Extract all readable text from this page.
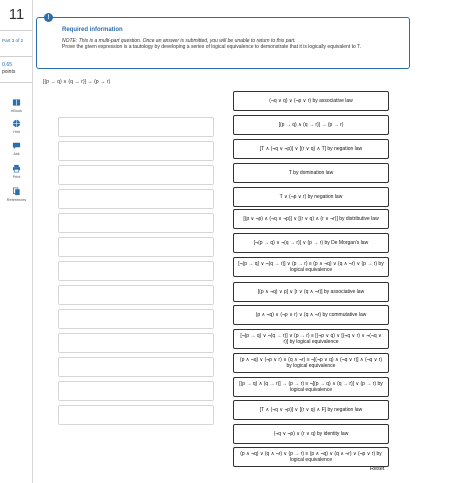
11
Part 3 of 2
0.65
points
eBook
Hint
Ask
Print
References
!
Required information
NOTE: This is a multi-part question. Once an answer is submitted, you will be unable to return to this part.
Prove the given expression is a tautology by developing a series of logical equivalence to demonstrate that it is logically equivalent to T.
[(p → q) ∧ (q → r)] → (p → r)
(¬q ∨ q) ∨ (¬p ∨ r) by associative law
[(p → q) ∧ (q → r)] → (p → r)
[T ∧ (¬q ∨ ¬p)] ∨ [(r ∨ q) ∧ T] by negation law
T by domination law
T ∨ (¬p ∨ r) by negation law
[(p ∨ ¬p) ∧ (¬q ∨ ¬p)] ∨ [(r ∨ q) ∧ (r ∨ ¬r)] by distributive law
[¬(p → q) ∨ ¬(q → r)] ∨ (p → r) by De Morgan's law
[¬(p → q) ∨ ¬(q → r)] ∨ (p → r) ≡ (p ∧ ¬q) ∨ (q ∧ ¬r) ∨ (p → r) by logical equivalence
[(p ∧ ¬q) ∨ p] ∨ [r ∨ (q ∧ ¬r)] by associative law
(p ∧ ¬q) ∨ (¬p ∨ r) ∨ (q ∧ ¬r) by commutative law
[¬(p → q) ∨ ¬(q → r)] ∨ (p → r) ≡ [(¬p ∨ q) ∨ [(¬q ∨ r) ∨ ¬(¬q ∨ r)] by logical equivalence
(p ∧ ¬q) ∨ (¬p ∨ r) ∨ (q ∧ ¬r) ≡ ¬[(¬p ∨ q) ∧ (¬q ∨ r)] ∧ (¬q ∨ r) by logical equivalence
[(p → q) ∧ (q → r)] → (p → r) ≡ ¬[(p → q) ∧ (q → r)] ∨ (p → r) by logical equivalence
[T ∧ (¬q ∨ ¬p)] ∨ [(r ∨ q) ∧ F] by negation law
(¬q ∨ ¬p) ∨ (r ∨ q) by identity law
(p ∧ ¬q) ∨ (q ∧ ¬r) ∨ (p → r) ≡ (p ∧ ¬q) ∨ (q ∧ ¬r) ∨ (¬p ∨ r) by logical equivalence
Reset
